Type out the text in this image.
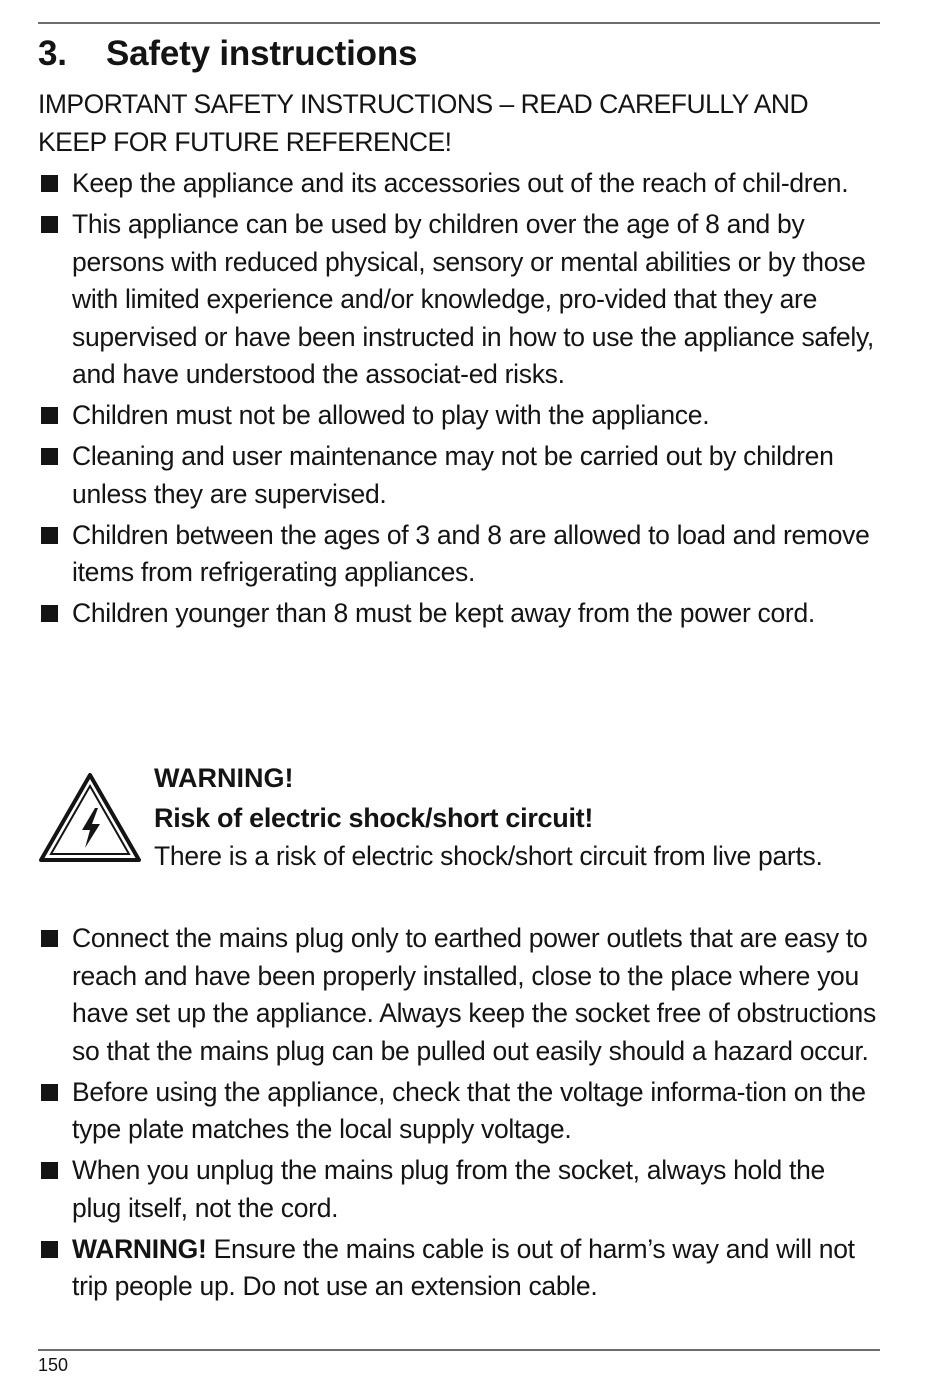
3. Safety instructions

IMPORTANT SAFETY INSTRUCTIONS – READ CAREFULLY AND KEEP FOR FUTURE REFERENCE!

Keep the appliance and its accessories out of the reach of chil-dren.
This appliance can be used by children over the age of 8 and by persons with reduced physical, sensory or mental abilities or by those with limited experience and/or knowledge, pro-vided that they are supervised or have been instructed in how to use the appliance safely, and have understood the associat-ed risks.
Children must not be allowed to play with the appliance.
Cleaning and user maintenance may not be carried out by children unless they are supervised.
Children between the ages of 3 and 8 are allowed to load and remove items from refrigerating appliances.
Children younger than 8 must be kept away from the power cord.

WARNING!

Risk of electric shock/short circuit!

There is a risk of electric shock/short circuit from live parts.

Connect the mains plug only to earthed power outlets that are easy to reach and have been properly installed, close to the place where you have set up the appliance. Always keep the socket free of obstructions so that the mains plug can be pulled out easily should a hazard occur.
Before using the appliance, check that the voltage informa-tion on the type plate matches the local supply voltage.
When you unplug the mains plug from the socket, always hold the plug itself, not the cord.
WARNING! Ensure the mains cable is out of harm’s way and will not trip people up. Do not use an extension cable.
150
